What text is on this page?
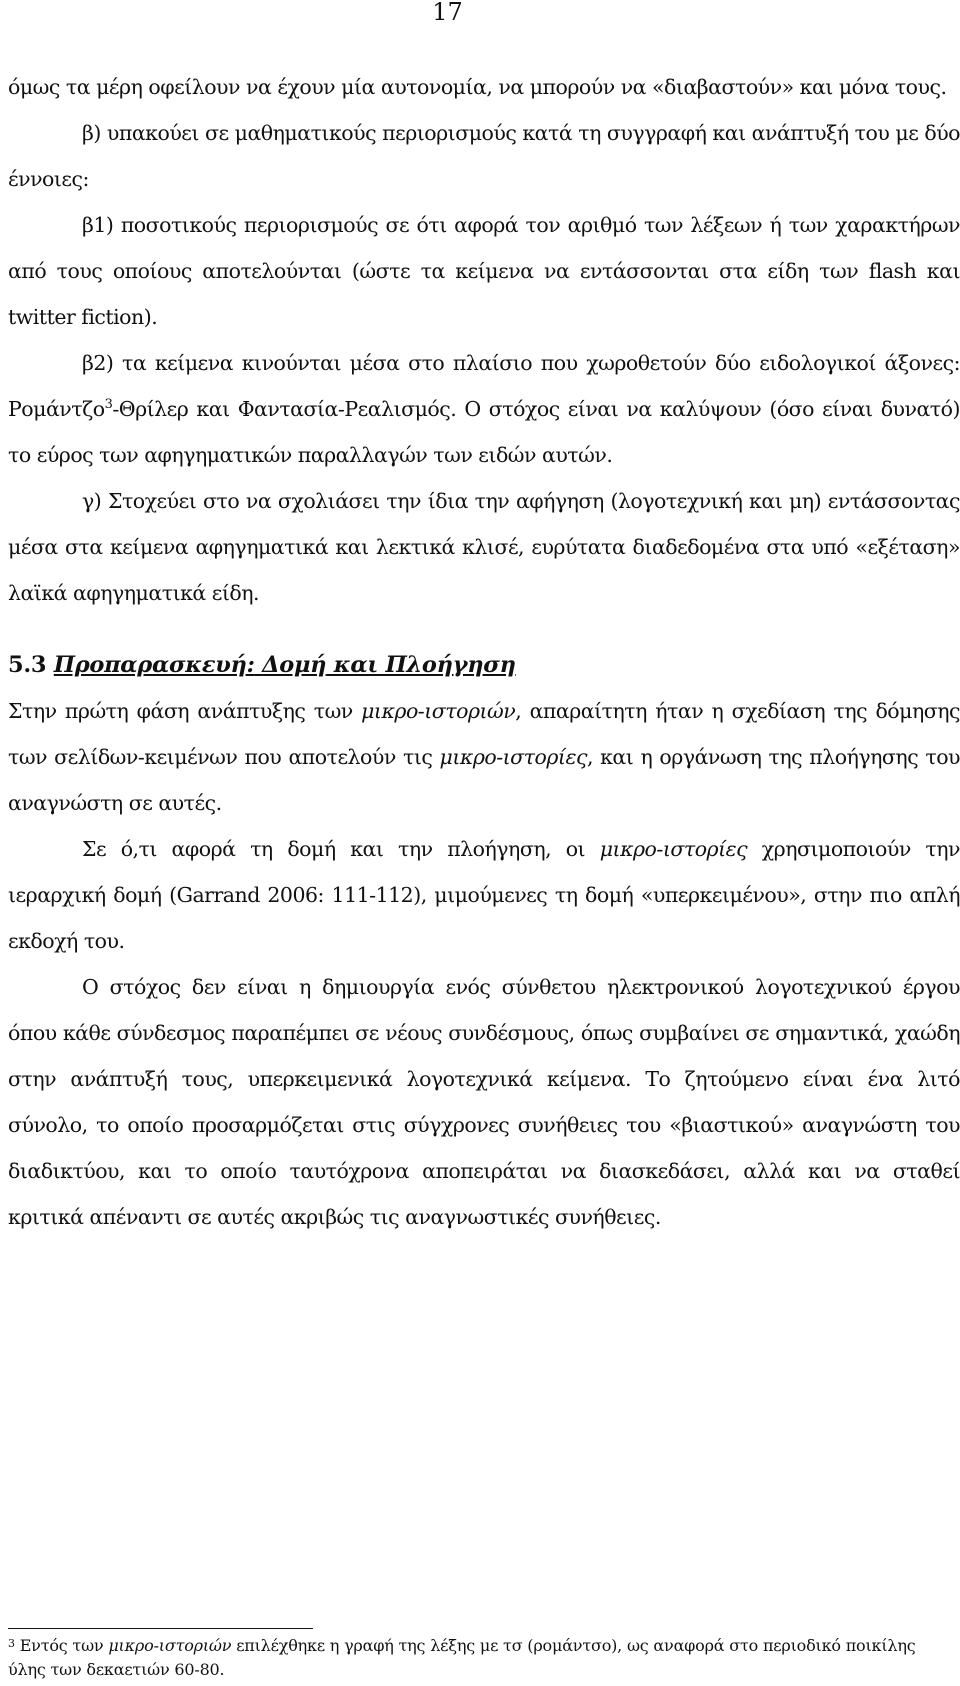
17

όμως τα μέρη οφείλουν να έχουν μία αυτονομία, να μπορούν να «διαβαστούν» και μόνα τους.

β) υπακούει σε μαθηματικούς περιορισμούς κατά τη συγγραφή και ανάπτυξή του με δύο έννοιες:

β1) ποσοτικούς περιορισμούς σε ότι αφορά τον αριθμό των λέξεων ή των χαρακτήρων από τους οποίους αποτελούνται (ώστε τα κείμενα να εντάσσονται στα είδη των flash και twitter fiction).

β2) τα κείμενα κινούνται μέσα στο πλαίσιο που χωροθετούν δύο ειδολογικοί άξονες: Ρομάντζο$^3$-Θρίλερ και Φαντασία-Ρεαλισμός. Ο στόχος είναι να καλύψουν (όσο είναι δυνατό) το εύρος των αφηγηματικών παραλλαγών των ειδών αυτών.

γ) Στοχεύει στο να σχολιάσει την ίδια την αφήγηση (λογοτεχνική και μη) εντάσσοντας μέσα στα κείμενα αφηγηματικά και λεκτικά κλισέ, ευρύτατα διαδεδομένα στα υπό «εξέταση» λαϊκά αφηγηματικά είδη.

5.3 Προπαρασκευή: Δομή και Πλοήγηση

Στην πρώτη φάση ανάπτυξης των μικρο-ιστοριών, απαραίτητη ήταν η σχεδίαση της δόμησης των σελίδων-κειμένων που αποτελούν τις μικρο-ιστορίες, και η οργάνωση της πλοήγησης του αναγνώστη σε αυτές.

Σε ό,τι αφορά τη δομή και την πλοήγηση, οι μικρο-ιστορίες χρησιμοποιούν την ιεραρχική δομή (Garrand 2006: 111-112), μιμούμενες τη δομή «υπερκειμένου», στην πιο απλή εκδοχή του.

Ο στόχος δεν είναι η δημιουργία ενός σύνθετου ηλεκτρονικού λογοτεχνικού έργου όπου κάθε σύνδεσμος παραπέμπει σε νέους συνδέσμους, όπως συμβαίνει σε σημαντικά, χαώδη στην ανάπτυξή τους, υπερκειμενικά λογοτεχνικά κείμενα. Το ζητούμενο είναι ένα λιτό σύνολο, το οποίο προσαρμόζεται στις σύγχρονες συνήθειες του «βιαστικού» αναγνώστη του διαδικτύου, και το οποίο ταυτόχρονα αποπειράται να διασκεδάσει, αλλά και να σταθεί κριτικά απέναντι σε αυτές ακριβώς τις αναγνωστικές συνήθειες.

$^3$ Εντός των μικρο-ιστοριών επιλέχθηκε η γραφή της λέξης με τσ (ρομάντσο), ως αναφορά στο περιοδικό ποικίλης ύλης των δεκαετιών 60-80.
